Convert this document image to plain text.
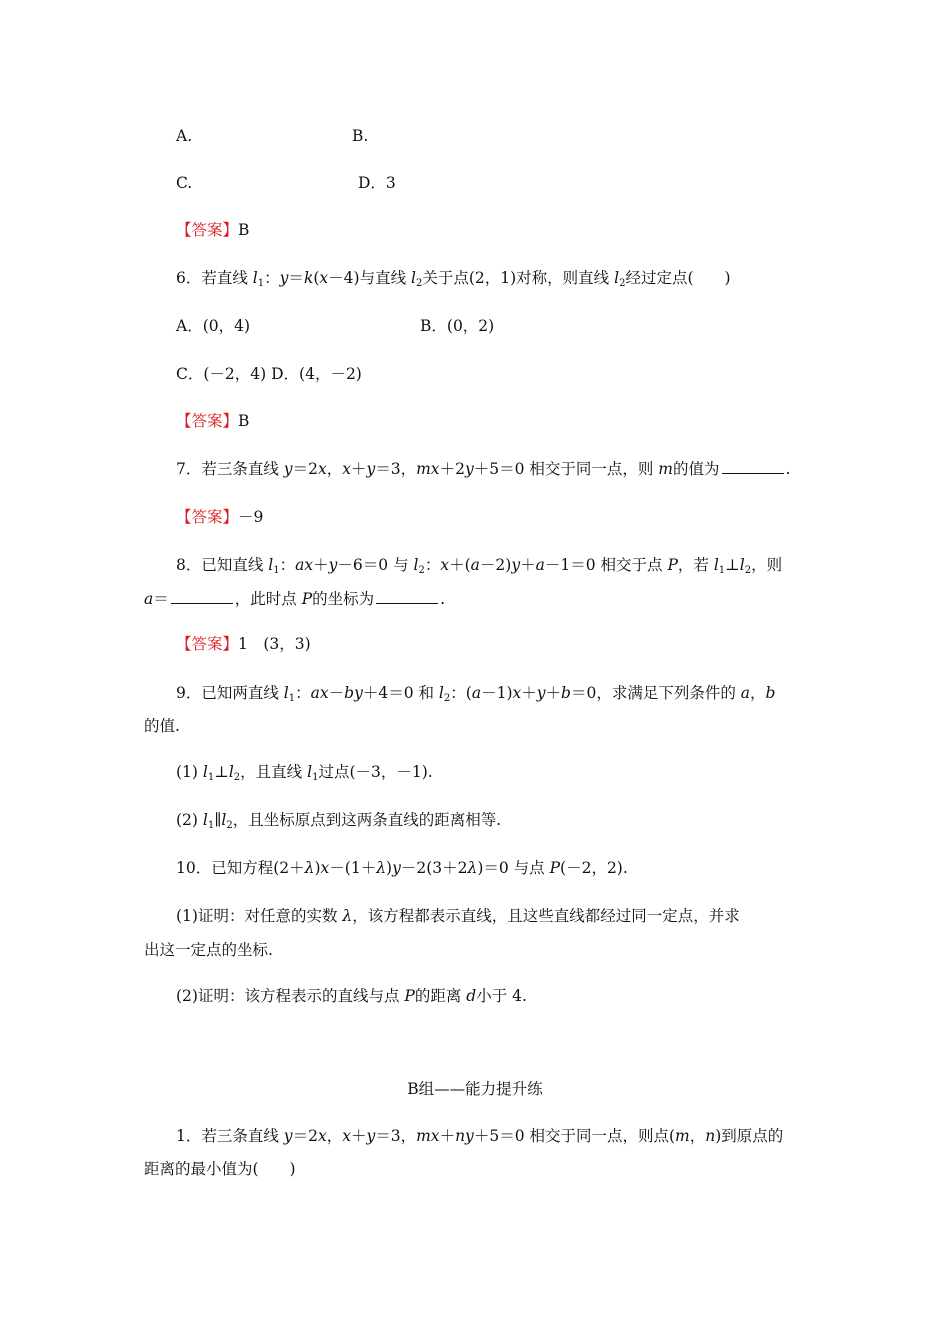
A.	B.
C.	D．3
【答案】B
6．若直线 $l_1$：y＝k(x－4)与直线 $l_2$关于点(2，1)对称，则直线 $l_2$经过定点(　　)
A．(0，4)	B．(0，2)
C．(－2，4) D．(4，－2)
【答案】B
7．若三条直线 y＝2x，x＋y＝3，mx＋2y＋5＝0 相交于同一点，则 m的值为	.
【答案】－9
8．已知直线 $l_1$：ax＋y－6＝0 与 $l_2$：x＋(a－2)y＋a－1＝0 相交于点 P，若 $l_1\perp l_2$，则
a＝	，此时点 P的坐标为	.
【答案】1　(3，3)
9．已知两直线 $l_1$：ax－by＋4＝0 和 $l_2$：(a－1)x＋y＋b＝0，求满足下列条件的 a，b
的值.
(1) $l_1\perp l_2$，且直线 $l_1$过点(－3，－1).
(2) $l_1\parallel l_2$，且坐标原点到这两条直线的距离相等.
10．已知方程(2＋λ)x－(1＋λ)y－2(3＋2λ)＝0 与点 P(－2，2).
(1)证明：对任意的实数 λ，该方程都表示直线，且这些直线都经过同一定点，并求
出这一定点的坐标.
(2)证明：该方程表示的直线与点 P的距离 d小于 4.
B组——能力提升练
1．若三条直线 y＝2x，x＋y＝3，mx＋ny＋5＝0 相交于同一点，则点(m，n)到原点的
距离的最小值为(　　)
